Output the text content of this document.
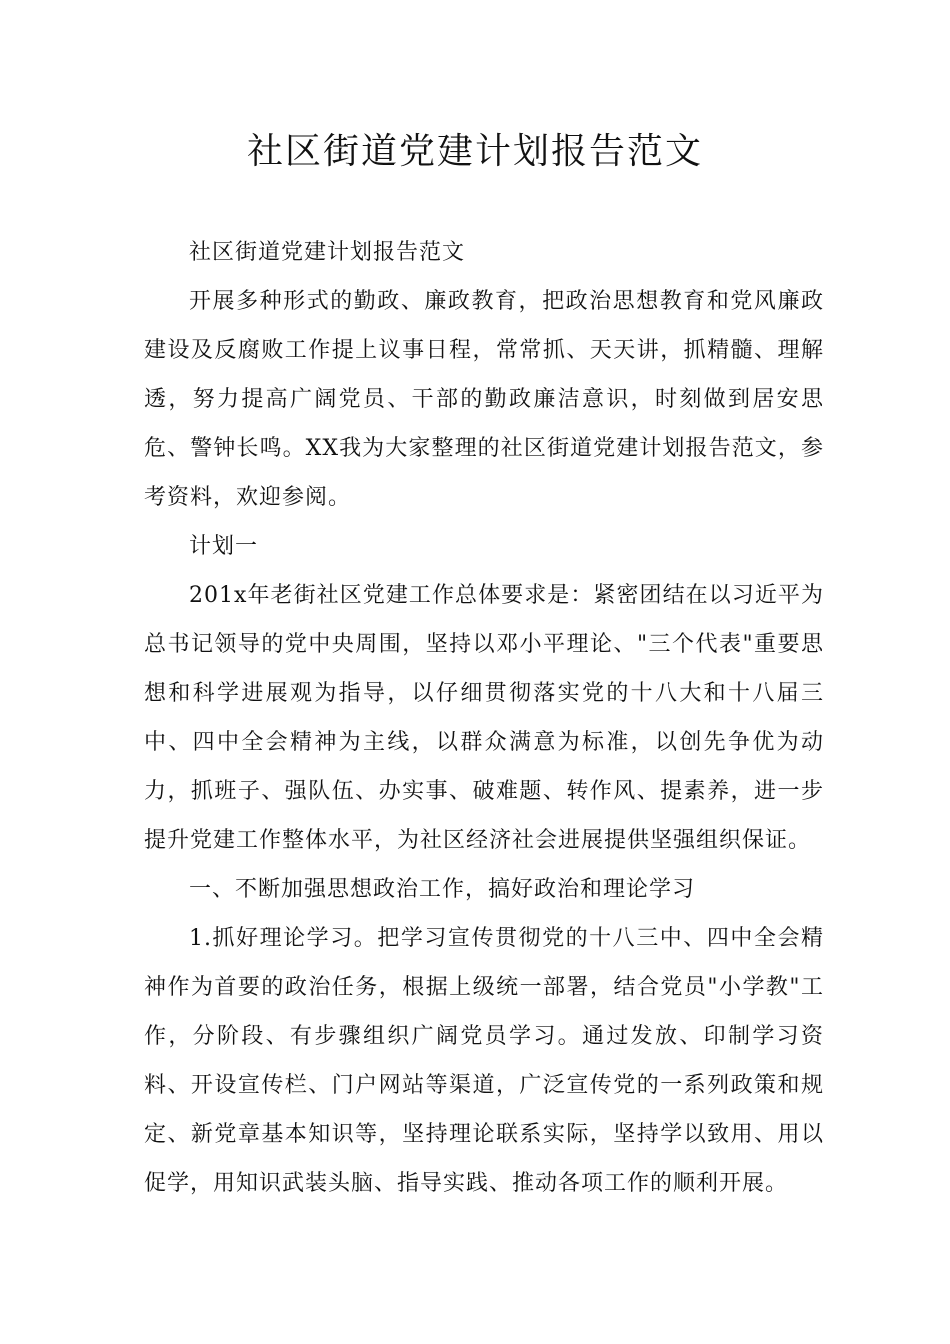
社区街道党建计划报告范文

社区街道党建计划报告范文

开展多种形式的勤政、廉政教育，把政治思想教育和党风廉政建设及反腐败工作提上议事日程，常常抓、天天讲，抓精髓、理解透，努力提高广阔党员、干部的勤政廉洁意识，时刻做到居安思危、警钟长鸣。XX我为大家整理的社区街道党建计划报告范文，参考资料，欢迎参阅。

计划一

201x年老街社区党建工作总体要求是：紧密团结在以习近平为总书记领导的党中央周围，坚持以邓小平理论、"三个代表"重要思想和科学进展观为指导，以仔细贯彻落实党的十八大和十八届三中、四中全会精神为主线，以群众满意为标准，以创先争优为动力，抓班子、强队伍、办实事、破难题、转作风、提素养，进一步提升党建工作整体水平，为社区经济社会进展提供坚强组织保证。

一、不断加强思想政治工作，搞好政治和理论学习

1.抓好理论学习。把学习宣传贯彻党的十八三中、四中全会精神作为首要的政治任务，根据上级统一部署，结合党员"小学教"工作，分阶段、有步骤组织广阔党员学习。通过发放、印制学习资料、开设宣传栏、门户网站等渠道，广泛宣传党的一系列政策和规定、新党章基本知识等，坚持理论联系实际，坚持学以致用、用以促学，用知识武装头脑、指导实践、推动各项工作的顺利开展。
